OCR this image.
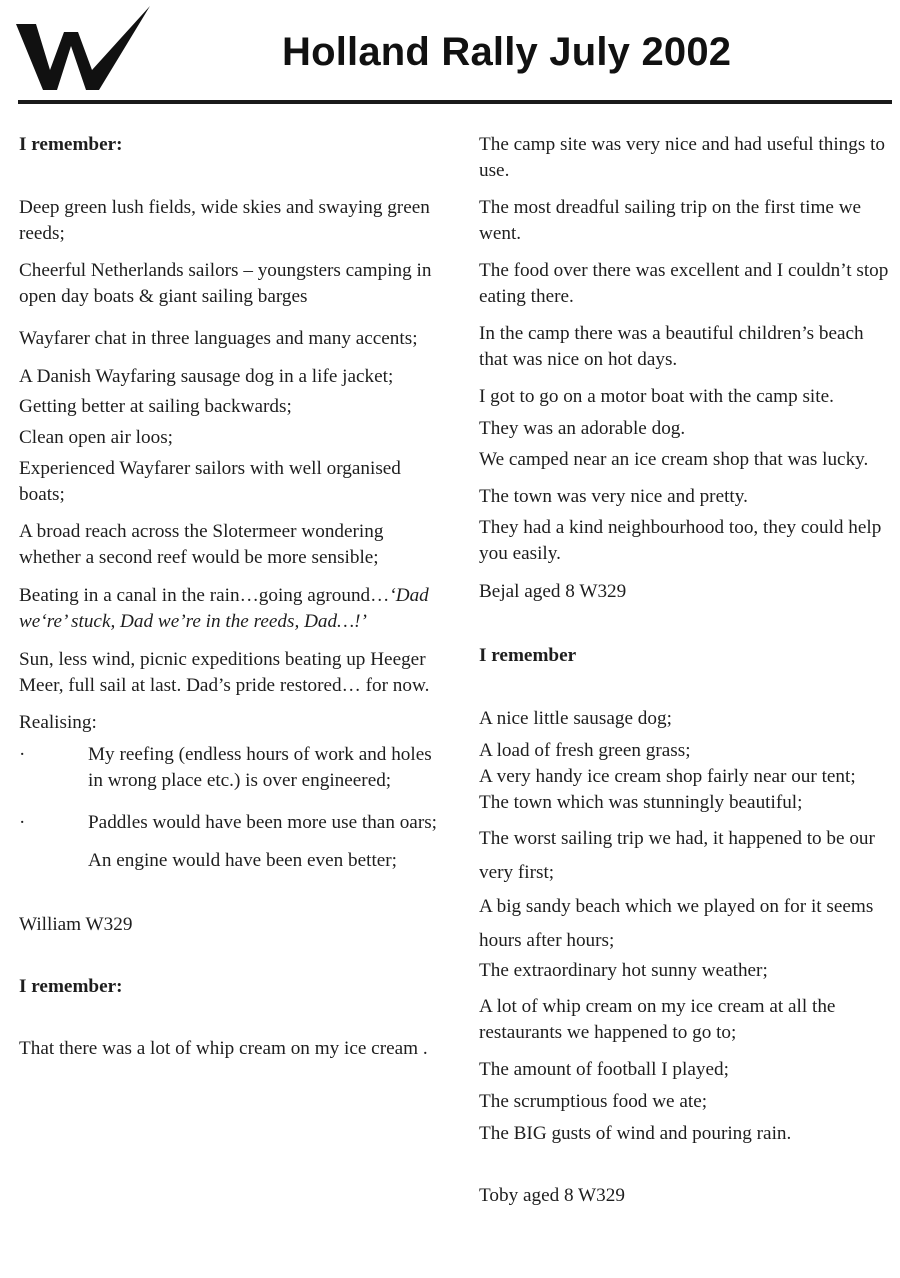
Holland Rally July 2002

I remember:

Deep green lush fields, wide skies and swaying green reeds;

Cheerful Netherlands sailors – youngsters camping in open day boats & giant sailing barges

Wayfarer chat in three languages and many accents;

A Danish Wayfaring sausage dog in a life jacket;

Getting better at sailing backwards;

Clean open air loos;

Experienced Wayfarer sailors with well organised boats;

A broad reach across the Slotermeer wondering whether a second reef would be more sensible;

Beating in a canal in the rain…going aground…‘Dad we‘re’ stuck, Dad we’re in the reeds, Dad…!’

Sun, less wind, picnic expeditions beating up Heeger Meer, full sail at last. Dad’s pride restored… for now.

Realising:

·	My reefing (endless hours of work and holes in wrong place etc.) is over engineered;
·	Paddles would have been more use than oars;
An engine would have been even better;

William W329

I remember:

That there was a lot of whip cream on my ice cream .

The camp site was very nice and had useful things to use.

The most dreadful sailing trip on the first time we went.

The food over there was excellent and I couldn’t stop eating there.

In the camp there was a beautiful children’s beach that was nice on hot days.

I got to go on a motor boat with the camp site.

They was an adorable dog.

We camped near an ice cream shop that was lucky.

The town was very nice and pretty.

They had a kind neighbourhood too, they could help you easily.

Bejal aged 8 W329

I remember

A nice little sausage dog;

A load of fresh green grass;

A very handy ice cream shop fairly near our tent;

The town which was stunningly beautiful;

The worst sailing trip we had, it happened to be our very first;

A big sandy beach which we played on for it seems hours after hours;

The extraordinary hot sunny weather;

A lot of whip cream on my ice cream at all the restaurants we happened to go to;

The amount of football I played;

The scrumptious food we ate;

The BIG gusts of wind and pouring rain.

Toby aged 8 W329
